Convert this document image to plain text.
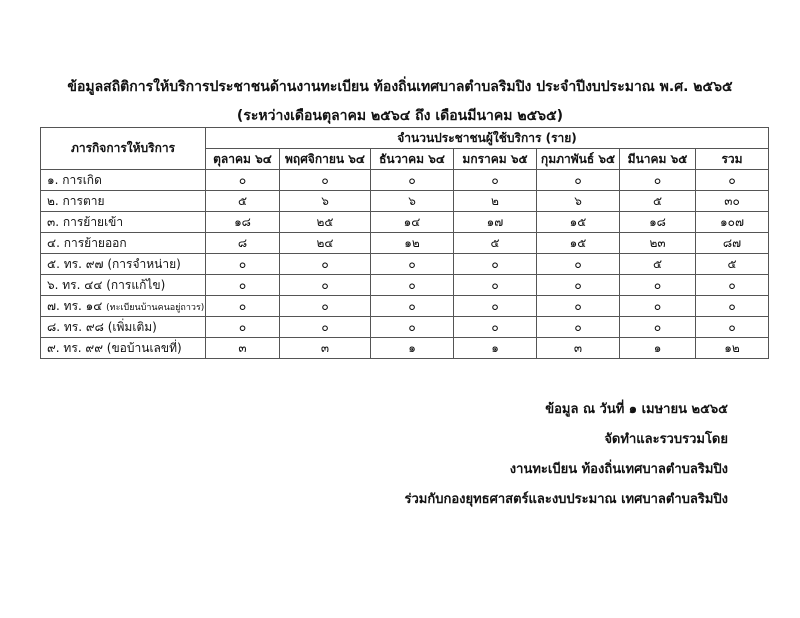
ข้อมูลสถิติการให้บริการประชาชนด้านงานทะเบียน ท้องถิ่นเทศบาลตำบลริมปิง ประจำปีงบประมาณ พ.ศ. ๒๕๖๕
(ระหว่างเดือนตุลาคม ๒๕๖๔ ถึง เดือนมีนาคม ๒๕๖๕)
ภารกิจการให้บริการ	จำนวนประชาชนผู้ใช้บริการ (ราย)						
	ตุลาคม ๖๔	พฤศจิกายน ๖๔	ธันวาคม ๖๔	มกราคม ๖๕	กุมภาพันธ์ ๖๕	มีนาคม ๖๕	รวม
๑. การเกิด	๐	๐	๐	๐	๐	๐	๐
๒. การตาย	๕	๖	๖	๒	๖	๕	๓๐
๓. การย้ายเข้า	๑๘	๒๕	๑๔	๑๗	๑๕	๑๘	๑๐๗
๔. การย้ายออก	๘	๒๔	๑๒	๕	๑๕	๒๓	๘๗
๕. ทร. ๙๗ (การจำหน่าย)	๐	๐	๐	๐	๐	๕	๕
๖. ทร. ๔๔ (การแก้ไข)	๐	๐	๐	๐	๐	๐	๐
๗. ทร. ๑๔ (ทะเบียนบ้านคนอยู่ถาวร)	๐	๐	๐	๐	๐	๐	๐
๘. ทร. ๙๘ (เพิ่มเติม)	๐	๐	๐	๐	๐	๐	๐
๙. ทร. ๙๙ (ขอบ้านเลขที่)	๓	๓	๑	๑	๓	๑	๑๒
ข้อมูล ณ วันที่ ๑ เมษายน ๒๕๖๕
จัดทำและรวบรวมโดย
งานทะเบียน ท้องถิ่นเทศบาลตำบลริมปิง
ร่วมกับกองยุทธศาสตร์และงบประมาณ เทศบาลตำบลริมปิง
